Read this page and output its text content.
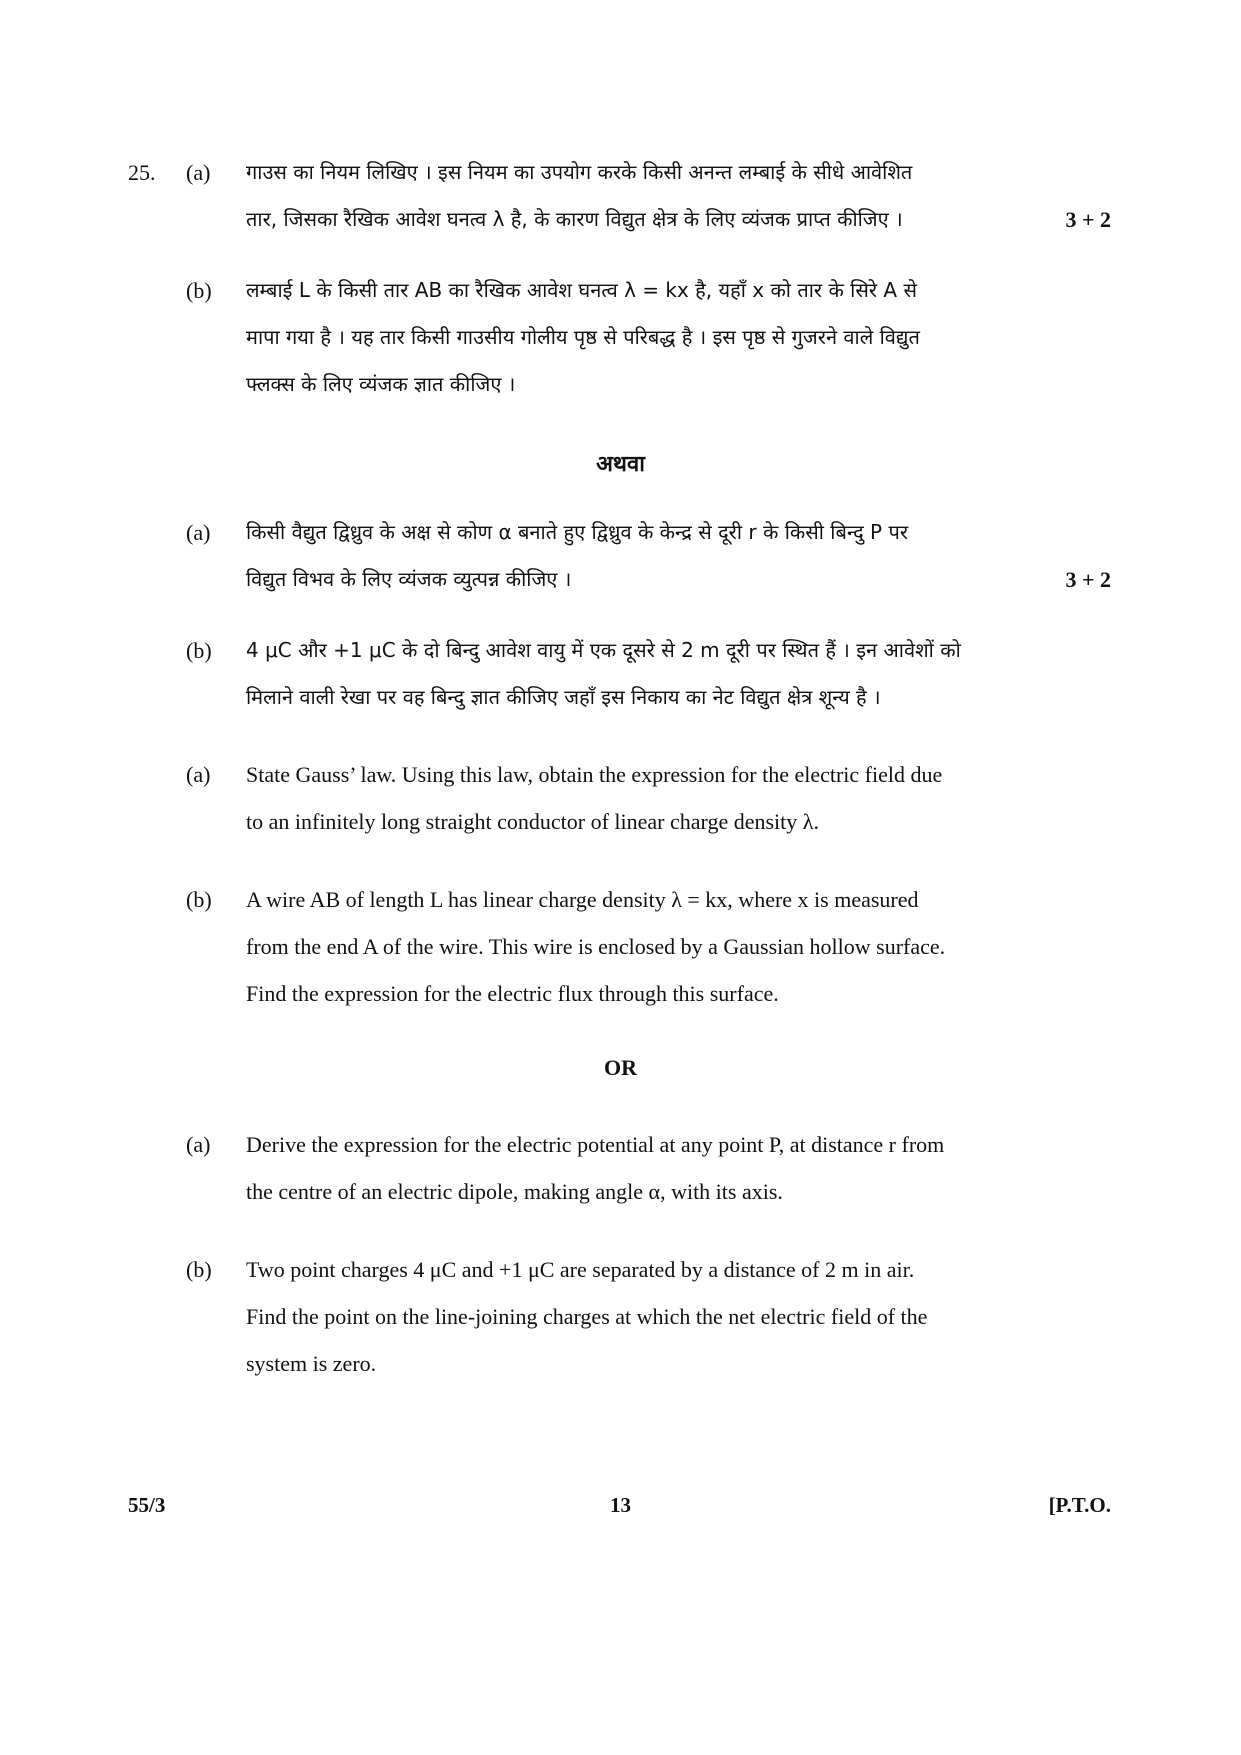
25. (a)	गाउस का नियम लिखिए । इस नियम का उपयोग करके किसी अनन्त लम्बाई के सीधे आवेशित
तार, जिसका रैखिक आवेश घनत्व λ है, के कारण विद्युत क्षेत्र के लिए व्यंजक प्राप्त कीजिए ।	3 + 2
(b)	लम्बाई L के किसी तार AB का रैखिक आवेश घनत्व λ = kx है, यहाँ x को तार के सिरे A से
मापा गया है । यह तार किसी गाउसीय गोलीय पृष्ठ से परिबद्ध है । इस पृष्ठ से गुजरने वाले विद्युत
फ्लक्स के लिए व्यंजक ज्ञात कीजिए ।
अथवा
(a)	किसी वैद्युत द्विध्रुव के अक्ष से कोण α बनाते हुए द्विध्रुव के केन्द्र से दूरी r के किसी बिन्दु P पर
विद्युत विभव के लिए व्यंजक व्युत्पन्न कीजिए ।	3 + 2
(b)	4 μC और +1 μC के दो बिन्दु आवेश वायु में एक दूसरे से 2 m दूरी पर स्थित हैं । इन आवेशों को
मिलाने वाली रेखा पर वह बिन्दु ज्ञात कीजिए जहाँ इस निकाय का नेट विद्युत क्षेत्र शून्य है ।
(a)	State Gauss’ law. Using this law, obtain the expression for the electric field due
to an infinitely long straight conductor of linear charge density λ.
(b)	A wire AB of length L has linear charge density λ = kx, where x is measured
from the end A of the wire. This wire is enclosed by a Gaussian hollow surface.
Find the expression for the electric flux through this surface.
OR
(a)	Derive the expression for the electric potential at any point P, at distance r from
the centre of an electric dipole, making angle α, with its axis.
(b)	Two point charges 4 μC and +1 μC are separated by a distance of 2 m in air.
Find the point on the line-joining charges at which the net electric field of the
system is zero.
55/3	13	[P.T.O.
